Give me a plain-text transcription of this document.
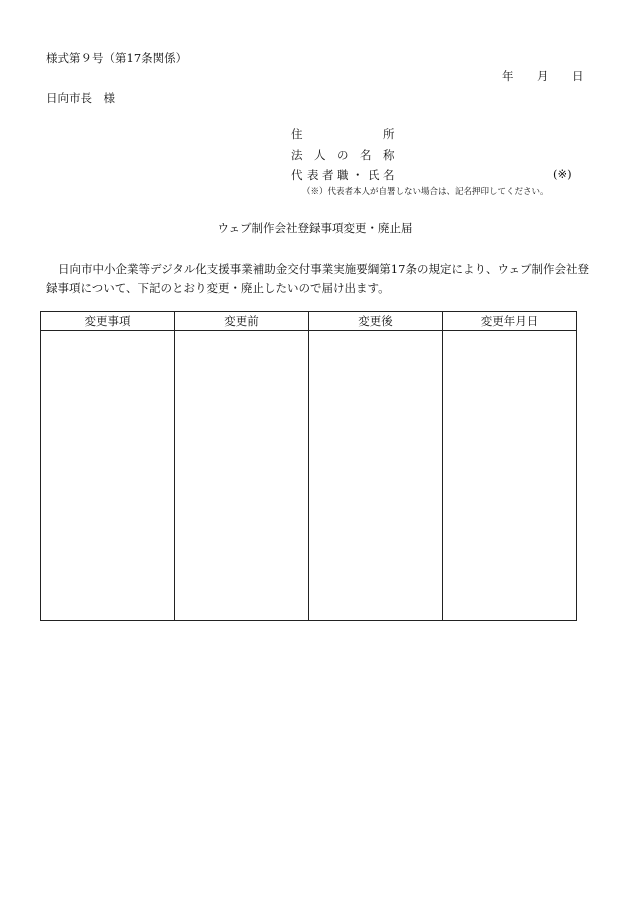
様式第９号（第17条関係）
年 月 日
日向市長　様
住	所
法 人 の 名 称
代 表 者 職 ・ 氏 名	(※)
（※）代表者本人が自署しない場合は、記名押印してください。
ウェブ制作会社登録事項変更・廃止届
日向市中小企業等デジタル化支援事業補助金交付事業実施要綱第17条の規定により、ウェブ制作会社登録事項について、下記のとおり変更・廃止したいので届け出ます。
変更事項	変更前	変更後	変更年月日
